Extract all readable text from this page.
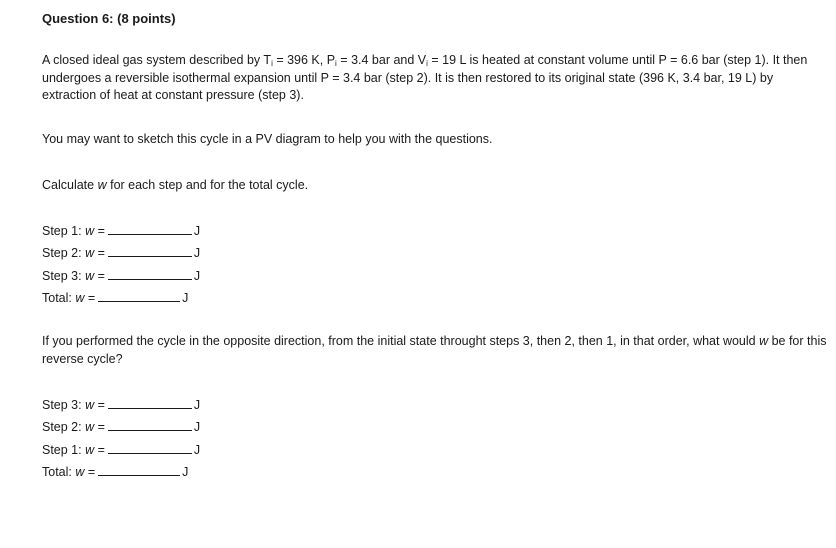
Question 6: (8 points)
A closed ideal gas system described by $T_i = 396$ K, $P_i = 3.4$ bar and $V_i = 19$ L is heated at constant volume until P = 6.6 bar (step 1). It then undergoes a reversible isothermal expansion until P = 3.4 bar (step 2). It is then restored to its original state (396 K, 3.4 bar, 19 L) by extraction of heat at constant pressure (step 3).
You may want to sketch this cycle in a PV diagram to help you with the questions.
Calculate w for each step and for the total cycle.
Step 1: w =	J
Step 2: w =	J
Step 3: w =	J
Total: w =	J
If you performed the cycle in the opposite direction, from the initial state throught steps 3, then 2, then 1, in that order, what would w be for this reverse cycle?
Step 3: w =	J
Step 2: w =	J
Step 1: w =	J
Total: w =	J
